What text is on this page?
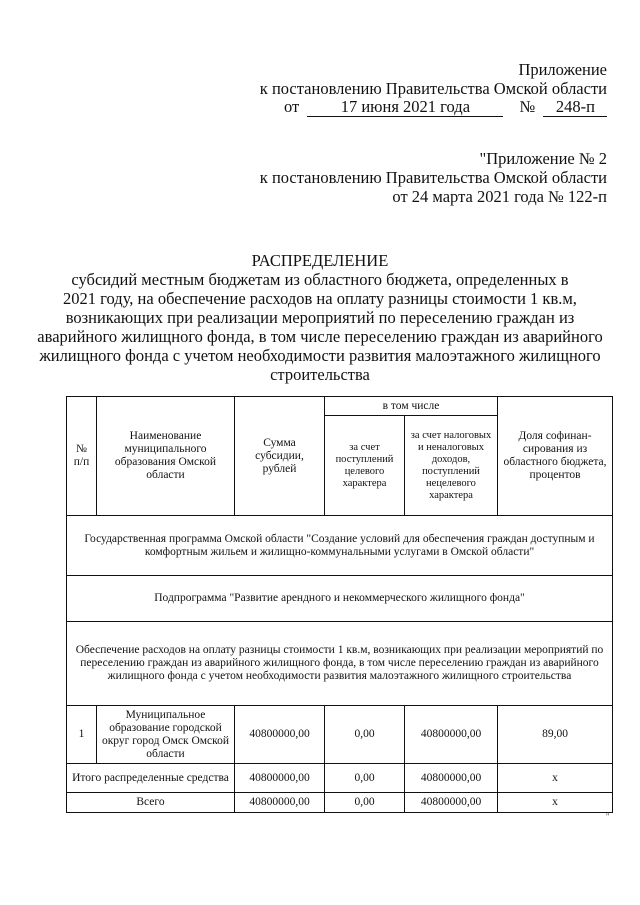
Приложение
к постановлению Правительства Омской области
от	17 июня 2021 года	№ 248-п
"Приложение № 2
к постановлению Правительства Омской области
от 24 марта 2021 года № 122-п
РАСПРЕДЕЛЕНИЕ
субсидий местным бюджетам из областного бюджета, определенных в
2021 году, на обеспечение расходов на оплату разницы стоимости 1 кв.м,
возникающих при реализации мероприятий по переселению граждан из
аварийного жилищного фонда, в том числе переселению граждан из аварийного
жилищного фонда с учетом необходимости развития малоэтажного жилищного
строительства
№ п/п	Наименование муниципального образования Омской области	Сумма субсидии, рублей	в том числе		Доля софинан-сирования из областного бюджета, процентов
			за счет поступлений целевого характера	за счет налоговых и неналоговых доходов, поступлений нецелевого характера	
Государственная программа Омской области "Создание условий для обеспечения граждан доступным и комфортным жильем и жилищно-коммунальными услугами в Омской области"					
Подпрограмма "Развитие арендного и некоммерческого жилищного фонда"					
Обеспечение расходов на оплату разницы стоимости 1 кв.м, возникающих при реализации мероприятий по переселению граждан из аварийного жилищного фонда, в том числе переселению граждан из аварийного жилищного фонда с учетом необходимости развития малоэтажного жилищного строительства					
1	Муниципальное образование городской округ город Омск Омской области	40800000,00	0,00	40800000,00	89,00
Итого распределенные средства		40800000,00	0,00	40800000,00	х
Всего		40800000,00	0,00	40800000,00	х
"
